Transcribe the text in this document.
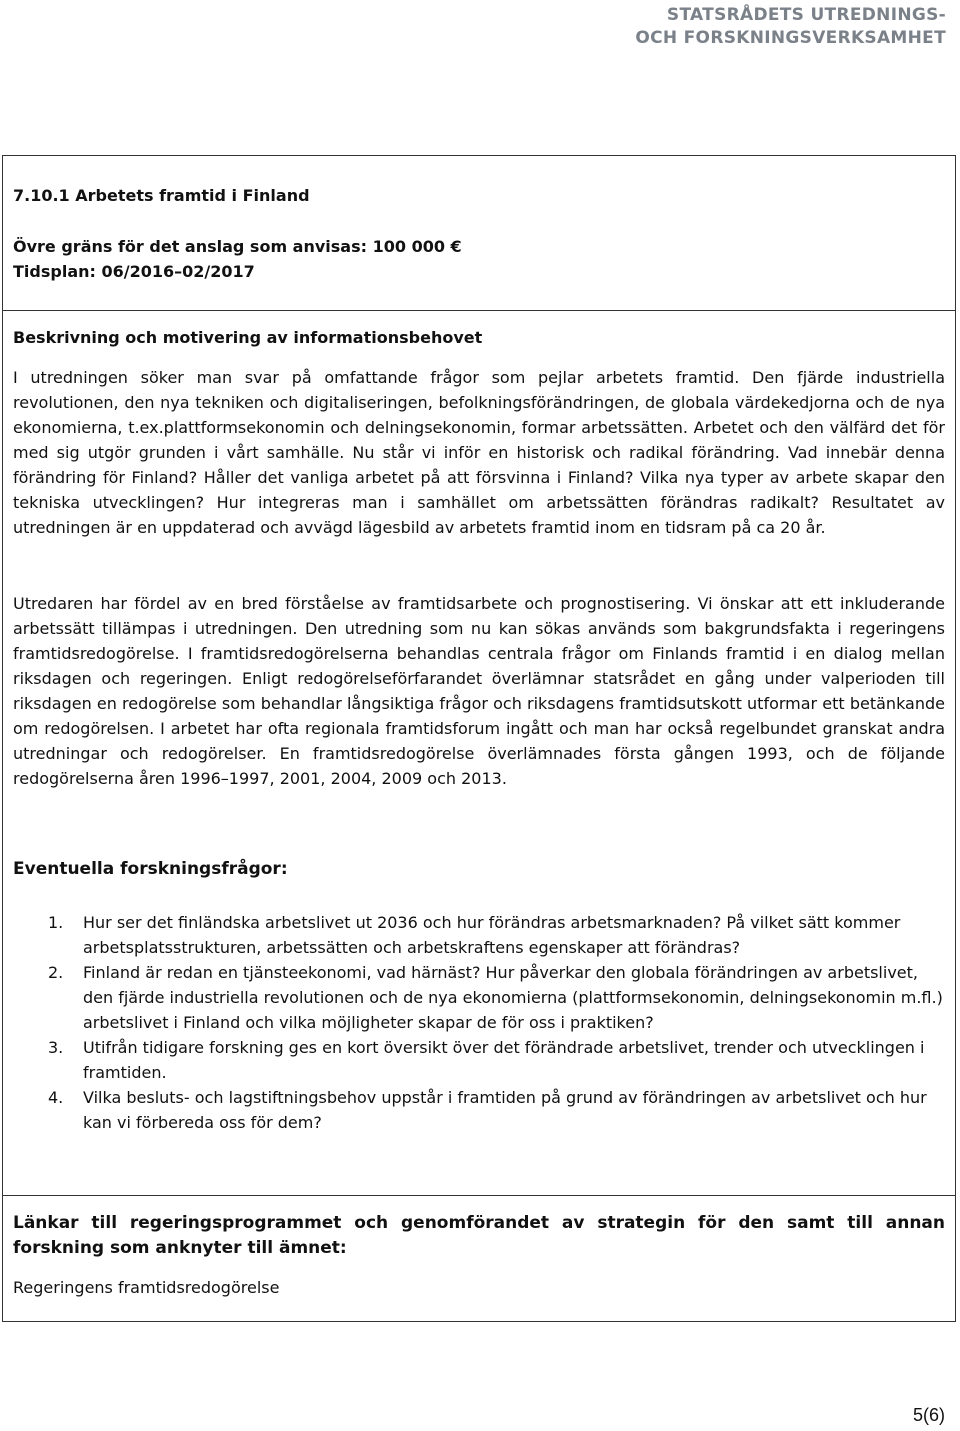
STATSRÅDETS UTREDNINGS-
OCH FORSKNINGSVERKSAMHET
7.10.1 Arbetets framtid i Finland
Övre gräns för det anslag som anvisas: 100 000 €
Tidsplan: 06/2016–02/2017
Beskrivning och motivering av informationsbehovet
I utredningen söker man svar på omfattande frågor som pejlar arbetets framtid. Den fjärde industriella revolutionen, den nya tekniken och digitaliseringen, befolkningsförändringen, de globala värdekedjorna och de nya ekonomierna, t.ex.plattformsekonomin och delningsekonomin, formar arbetssätten. Arbetet och den välfärd det för med sig utgör grunden i vårt samhälle. Nu står vi inför en historisk och radikal förändring. Vad innebär denna förändring för Finland? Håller det vanliga arbetet på att försvinna i Finland? Vilka nya typer av arbete skapar den tekniska utvecklingen? Hur integreras man i samhället om arbetssätten förändras radikalt? Resultatet av utredningen är en uppdaterad och avvägd lägesbild av arbetets framtid inom en tidsram på ca 20 år.
Utredaren har fördel av en bred förståelse av framtidsarbete och prognostisering. Vi önskar att ett inkluderande arbetssätt tillämpas i utredningen. Den utredning som nu kan sökas används som bakgrundsfakta i regeringens framtidsredogörelse. I framtidsredogörelserna behandlas centrala frågor om Finlands framtid i en dialog mellan riksdagen och regeringen. Enligt redogörelseförfarandet överlämnar statsrådet en gång under valperioden till riksdagen en redogörelse som behandlar långsiktiga frågor och riksdagens framtidsutskott utformar ett betänkande om redogörelsen. I arbetet har ofta regionala framtidsforum ingått och man har också regelbundet granskat andra utredningar och redogörelser. En framtidsredogörelse överlämnades första gången 1993, och de följande redogörelserna åren 1996–1997, 2001, 2004, 2009 och 2013.
Eventuella forskningsfrågor:
1. Hur ser det finländska arbetslivet ut 2036 och hur förändras arbetsmarknaden? På vilket sätt kommer arbetsplatsstrukturen, arbetssätten och arbetskraftens egenskaper att förändras?
2. Finland är redan en tjänsteekonomi, vad härnäst? Hur påverkar den globala förändringen av arbetslivet, den fjärde industriella revolutionen och de nya ekonomierna (plattformsekonomin, delningsekonomin m.fl.) arbetslivet i Finland och vilka möjligheter skapar de för oss i praktiken?
3. Utifrån tidigare forskning ges en kort översikt över det förändrade arbetslivet, trender och utvecklingen i framtiden.
4. Vilka besluts- och lagstiftningsbehov uppstår i framtiden på grund av förändringen av arbetslivet och hur kan vi förbereda oss för dem?
Länkar till regeringsprogrammet och genomförandet av strategin för den samt till annan forskning som anknyter till ämnet:
Regeringens framtidsredogörelse
5(6)
